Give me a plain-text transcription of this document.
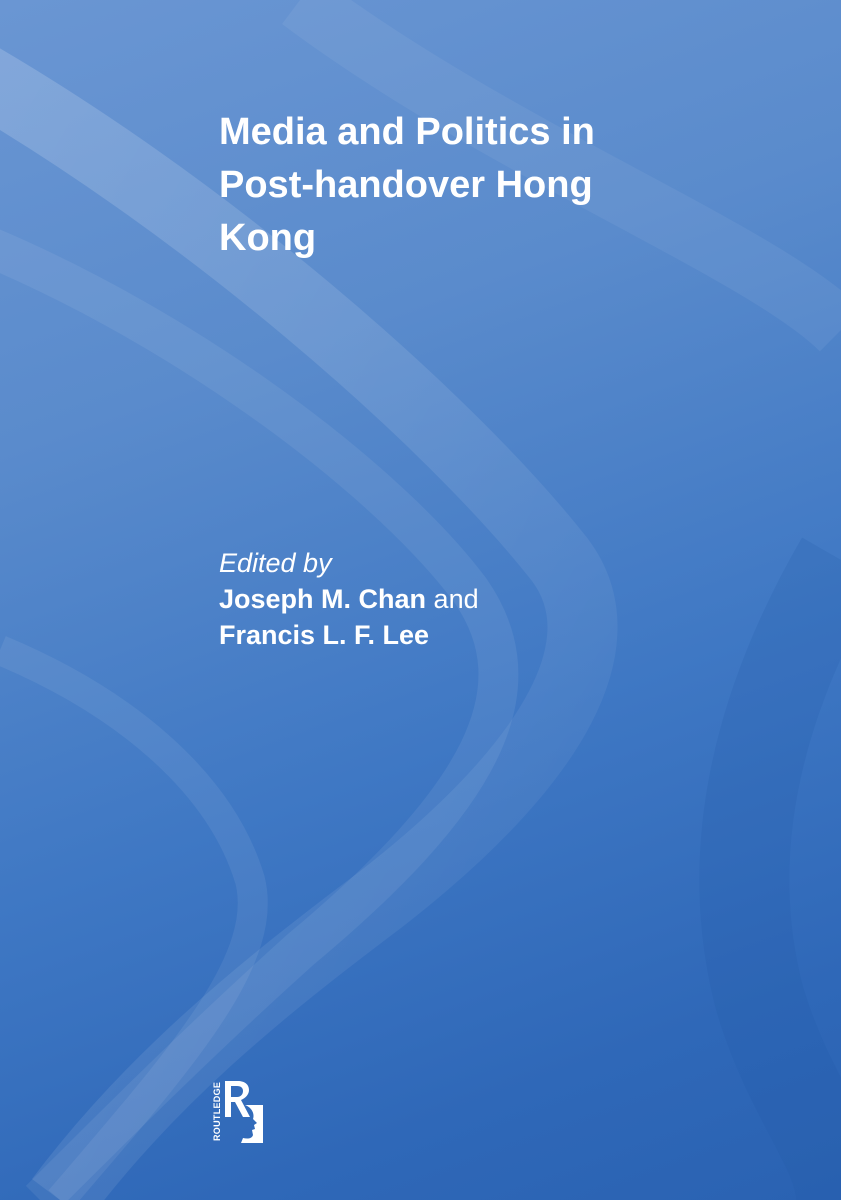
Media and Politics in
Post-handover Hong
Kong
Edited by
Joseph M. Chan and
Francis L. F. Lee
ROUTLEDGE
